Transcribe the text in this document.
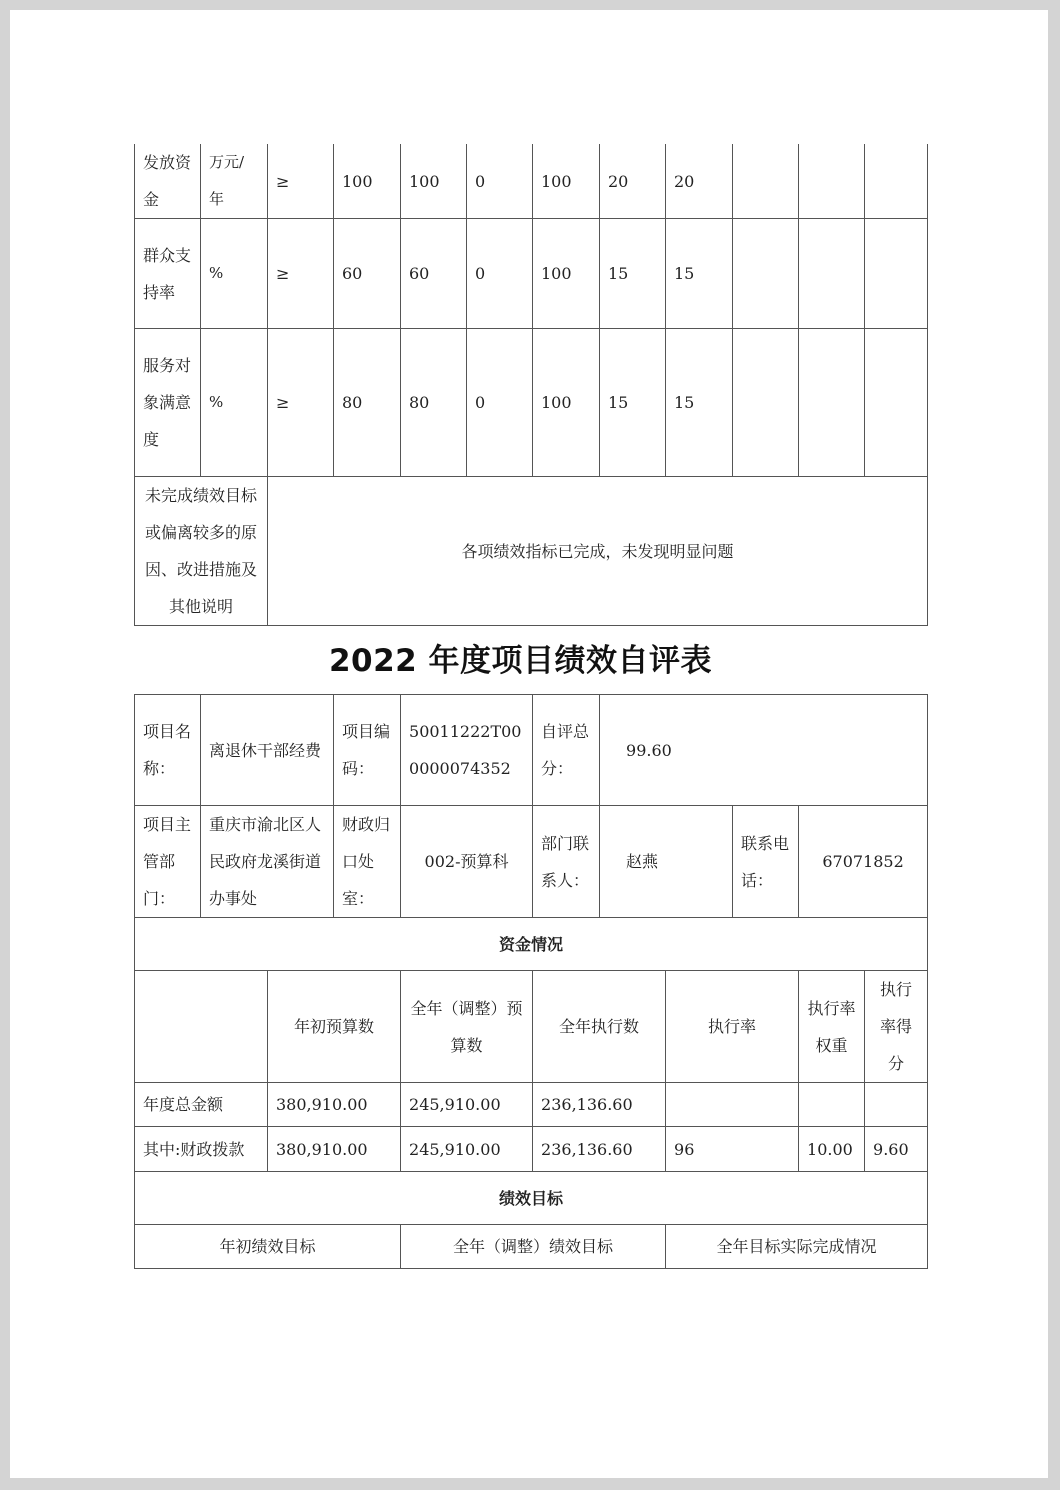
发放资金	万元/年	≥	100	100	0	100	20	20			
群众支持率	%	≥	60	60	0	100	15	15			
服务对象满意度	%	≥	80	80	0	100	15	15			
未完成绩效目标或偏离较多的原因、改进措施及其他说明		各项绩效指标已完成，未发现明显问题									
2022 年度项目绩效自评表
项目名称：	离退休干部经费		项目编码：	50011222T000000074352	自评总分：	99.60				
项目主管部门：	重庆市渝北区人民政府龙溪街道办事处		财政归口处室：	002-预算科	部门联系人：	赵燕		联系电话：	67071852	
资金情况										
		年初预算数		全年（调整）预算数	全年执行数		执行率		执行率权重	执行率得分
年度总金额		380,910.00		245,910.00	236,136.60					
其中:财政拨款		380,910.00		245,910.00	236,136.60		96		10.00	9.60
绩效目标										
年初绩效目标				全年（调整）绩效目标			全年目标实际完成情况			
